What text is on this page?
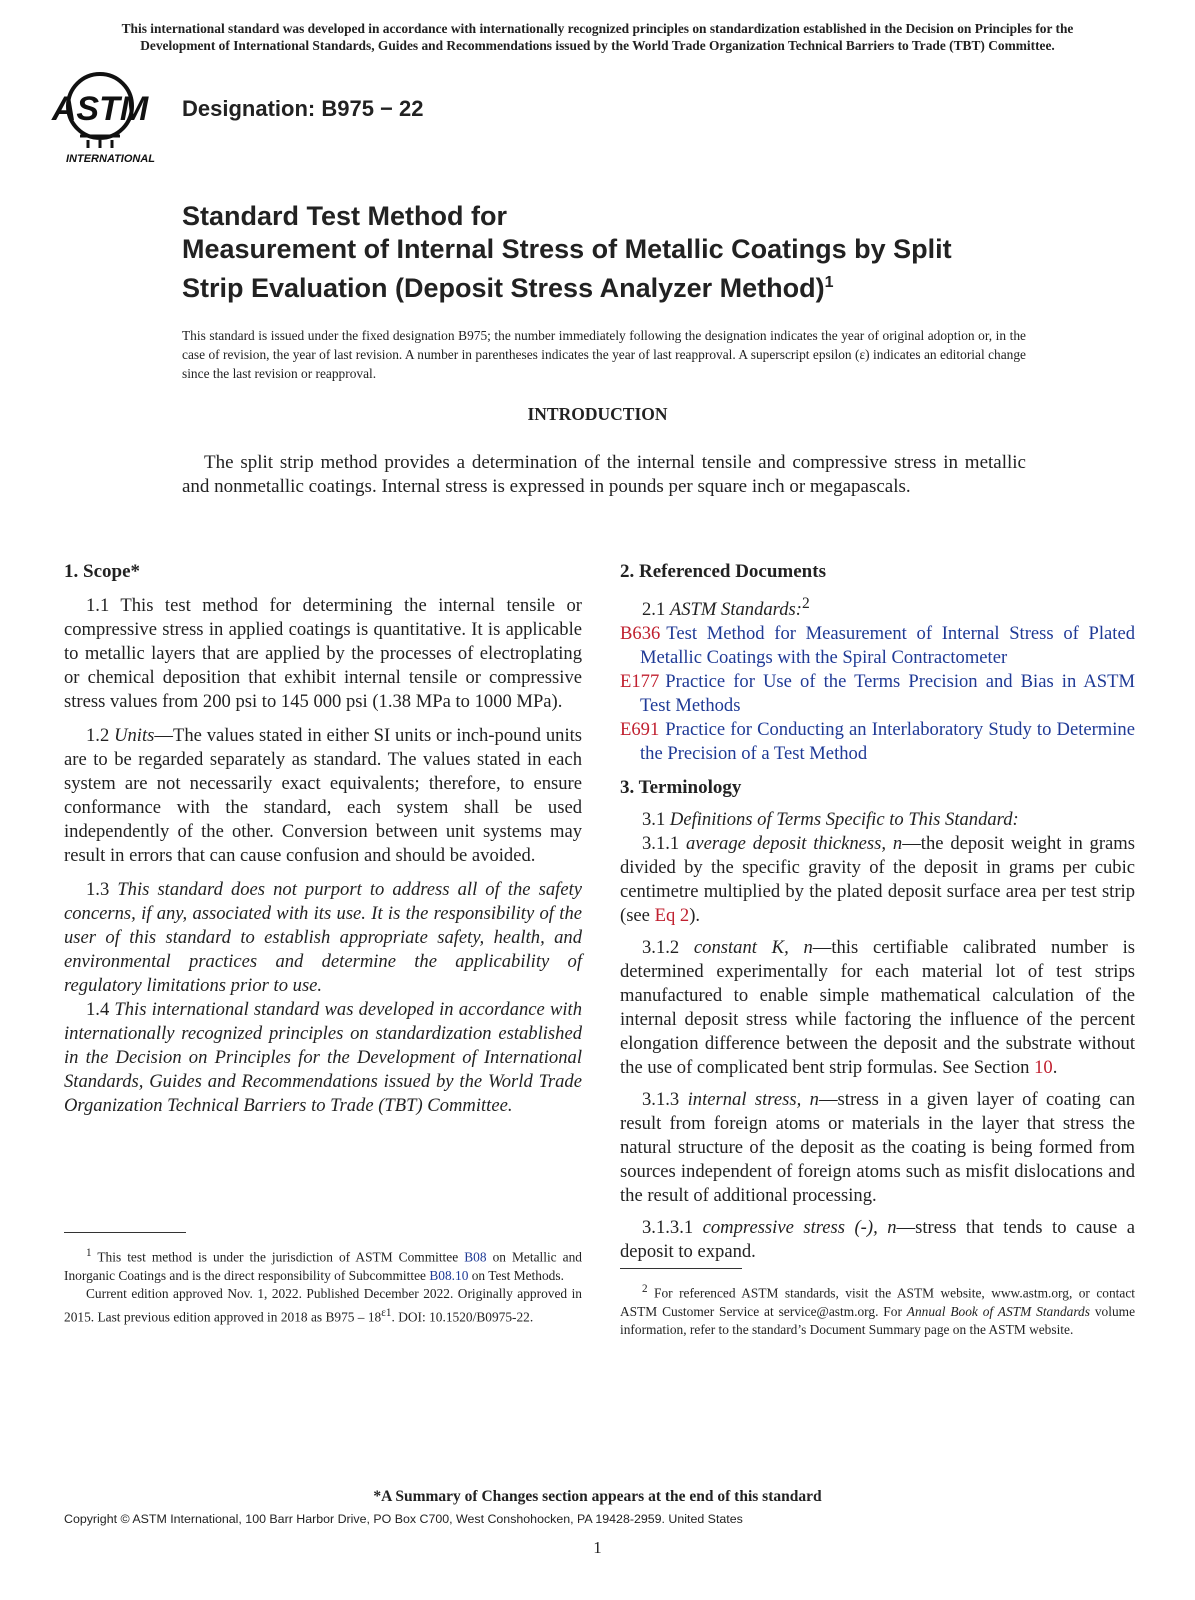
This international standard was developed in accordance with internationally recognized principles on standardization established in the Decision on Principles for the
Development of International Standards, Guides and Recommendations issued by the World Trade Organization Technical Barriers to Trade (TBT) Committee.
ASTM
INTERNATIONAL
Designation: B975 − 22
Standard Test Method for
Measurement of Internal Stress of Metallic Coatings by Split
Strip Evaluation (Deposit Stress Analyzer Method)$^1$
This standard is issued under the fixed designation B975; the number immediately following the designation indicates the year of original adoption or, in the case of revision, the year of last revision. A number in parentheses indicates the year of last reapproval. A superscript epsilon (ε) indicates an editorial change since the last revision or reapproval.
INTRODUCTION
The split strip method provides a determination of the internal tensile and compressive stress in metallic and nonmetallic coatings. Internal stress is expressed in pounds per square inch or megapascals.
1. Scope*

1.1 This test method for determining the internal tensile or compressive stress in applied coatings is quantitative. It is applicable to metallic layers that are applied by the processes of electroplating or chemical deposition that exhibit internal tensile or compressive stress values from 200 psi to 145 000 psi (1.38 MPa to 1000 MPa).

1.2 Units—The values stated in either SI units or inch-pound units are to be regarded separately as standard. The values stated in each system are not necessarily exact equivalents; therefore, to ensure conformance with the standard, each system shall be used independently of the other. Conversion between unit systems may result in errors that can cause confusion and should be avoided.

1.3 This standard does not purport to address all of the safety concerns, if any, associated with its use. It is the responsibility of the user of this standard to establish appropriate safety, health, and environmental practices and determine the applicability of regulatory limitations prior to use.

1.4 This international standard was developed in accordance with internationally recognized principles on standardization established in the Decision on Principles for the Development of International Standards, Guides and Recommendations issued by the World Trade Organization Technical Barriers to Trade (TBT) Committee.

$^1$ This test method is under the jurisdiction of ASTM Committee B08 on Metallic and Inorganic Coatings and is the direct responsibility of Subcommittee B08.10 on Test Methods.
Current edition approved Nov. 1, 2022. Published December 2022. Originally approved in 2015. Last previous edition approved in 2018 as $B975 - 18^{\varepsilon 1}$. DOI: 10.1520/B0975-22.
2. Referenced Documents

2.1 ASTM Standards:$^2$

B636 Test Method for Measurement of Internal Stress of Plated Metallic Coatings with the Spiral Contractometer

E177 Practice for Use of the Terms Precision and Bias in ASTM Test Methods

E691 Practice for Conducting an Interlaboratory Study to Determine the Precision of a Test Method

3. Terminology

3.1 Definitions of Terms Specific to This Standard:

3.1.1 average deposit thickness, n—the deposit weight in grams divided by the specific gravity of the deposit in grams per cubic centimetre multiplied by the plated deposit surface area per test strip (see Eq 2).

3.1.2 constant K, n—this certifiable calibrated number is determined experimentally for each material lot of test strips manufactured to enable simple mathematical calculation of the internal deposit stress while factoring the influence of the percent elongation difference between the deposit and the substrate without the use of complicated bent strip formulas. See Section 10.

3.1.3 internal stress, n—stress in a given layer of coating can result from foreign atoms or materials in the layer that stress the natural structure of the deposit as the coating is being formed from sources independent of foreign atoms such as misfit dislocations and the result of additional processing.

3.1.3.1 compressive stress (-), n—stress that tends to cause a deposit to expand.

$^2$ For referenced ASTM standards, visit the ASTM website, www.astm.org, or contact ASTM Customer Service at service@astm.org. For Annual Book of ASTM Standards volume information, refer to the standard’s Document Summary page on the ASTM website.
*A Summary of Changes section appears at the end of this standard
Copyright © ASTM International, 100 Barr Harbor Drive, PO Box C700, West Conshohocken, PA 19428-2959. United States
1
